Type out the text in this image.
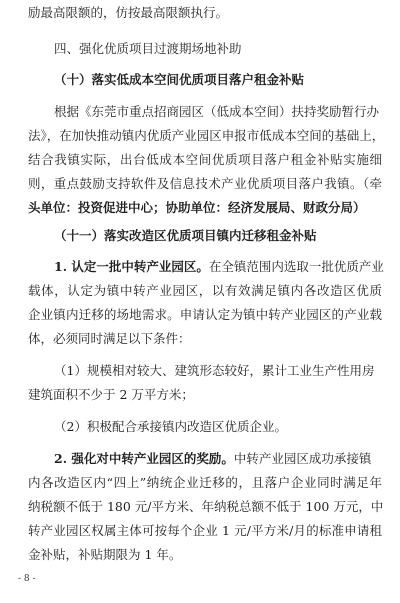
励最高限额的，仿按最高限额执行。
四、强化优质项目过渡期场地补助
（十）落实低成本空间优质项目落户租金补贴
根据《东莞市重点招商园区（低成本空间）扶持奖励暂行办
法》，在加快推动镇内优质产业园区申报市低成本空间的基础上，
结合我镇实际，出台低成本空间优质项目落户租金补贴实施细
则，重点鼓励支持软件及信息技术产业优质项目落户我镇。（牵
头单位：投资促进中心；协助单位：经济发展局、财政分局）
（十一）落实改造区优质项目镇内迁移租金补贴
1. 认定一批中转产业园区。在全镇范围内选取一批优质产业
载体，认定为镇中转产业园区，以有效满足镇内各改造区优质
企业镇内迁移的场地需求。申请认定为镇中转产业园区的产业载
体，必须同时满足以下条件：
（1）规模相对较大、建筑形态较好，累计工业生产性用房
建筑面积不少于 2 万平方米；
（2）积极配合承接镇内改造区优质企业。
2. 强化对中转产业园区的奖励。中转产业园区成功承接镇
内各改造区内“四上”纳统企业迁移的，且落户企业同时满足年
纳税额不低于 180 元/平方米、年纳税总额不低于 100 万元，中
转产业园区权属主体可按每个企业 1 元/平方米/月的标准申请租
金补贴，补贴期限为 1 年。
- 8 -
